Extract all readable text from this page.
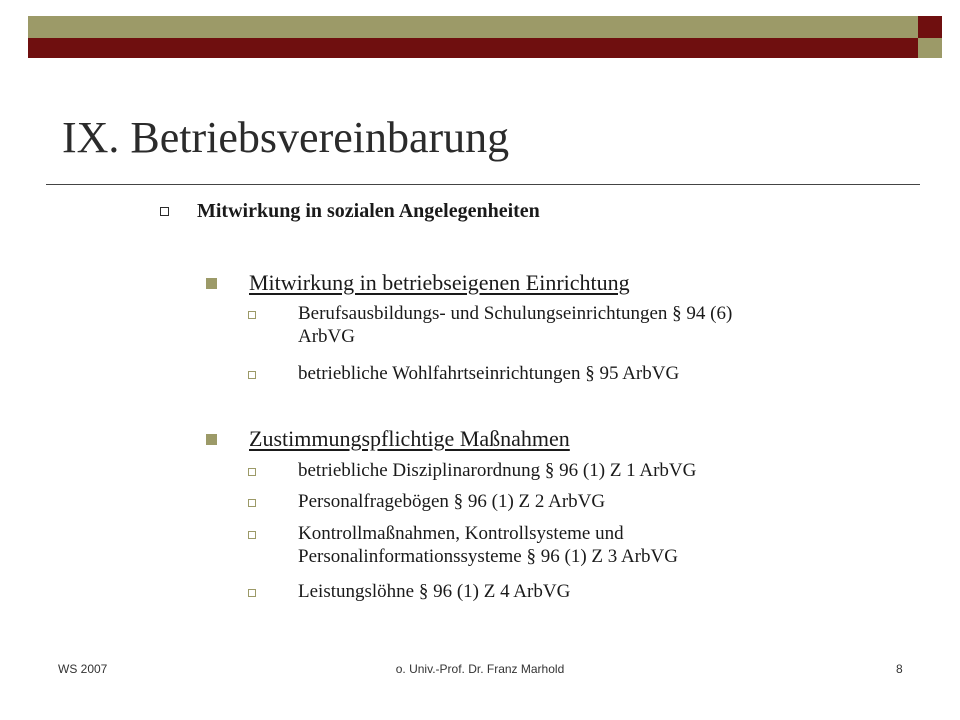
IX. Betriebsvereinbarung
Mitwirkung in sozialen Angelegenheiten
Mitwirkung in betriebseigenen Einrichtung
Berufsausbildungs- und Schulungseinrichtungen § 94 (6)
ArbVG
betriebliche Wohlfahrtseinrichtungen § 95 ArbVG
Zustimmungspflichtige Maßnahmen
betriebliche Disziplinarordnung § 96 (1) Z 1 ArbVG
Personalfragebögen § 96 (1) Z 2 ArbVG
Kontrollmaßnahmen, Kontrollsysteme und
Personalinformationssysteme § 96 (1) Z 3 ArbVG
Leistungslöhne § 96 (1) Z 4 ArbVG
WS 2007	o. Univ.-Prof. Dr. Franz Marhold	8
